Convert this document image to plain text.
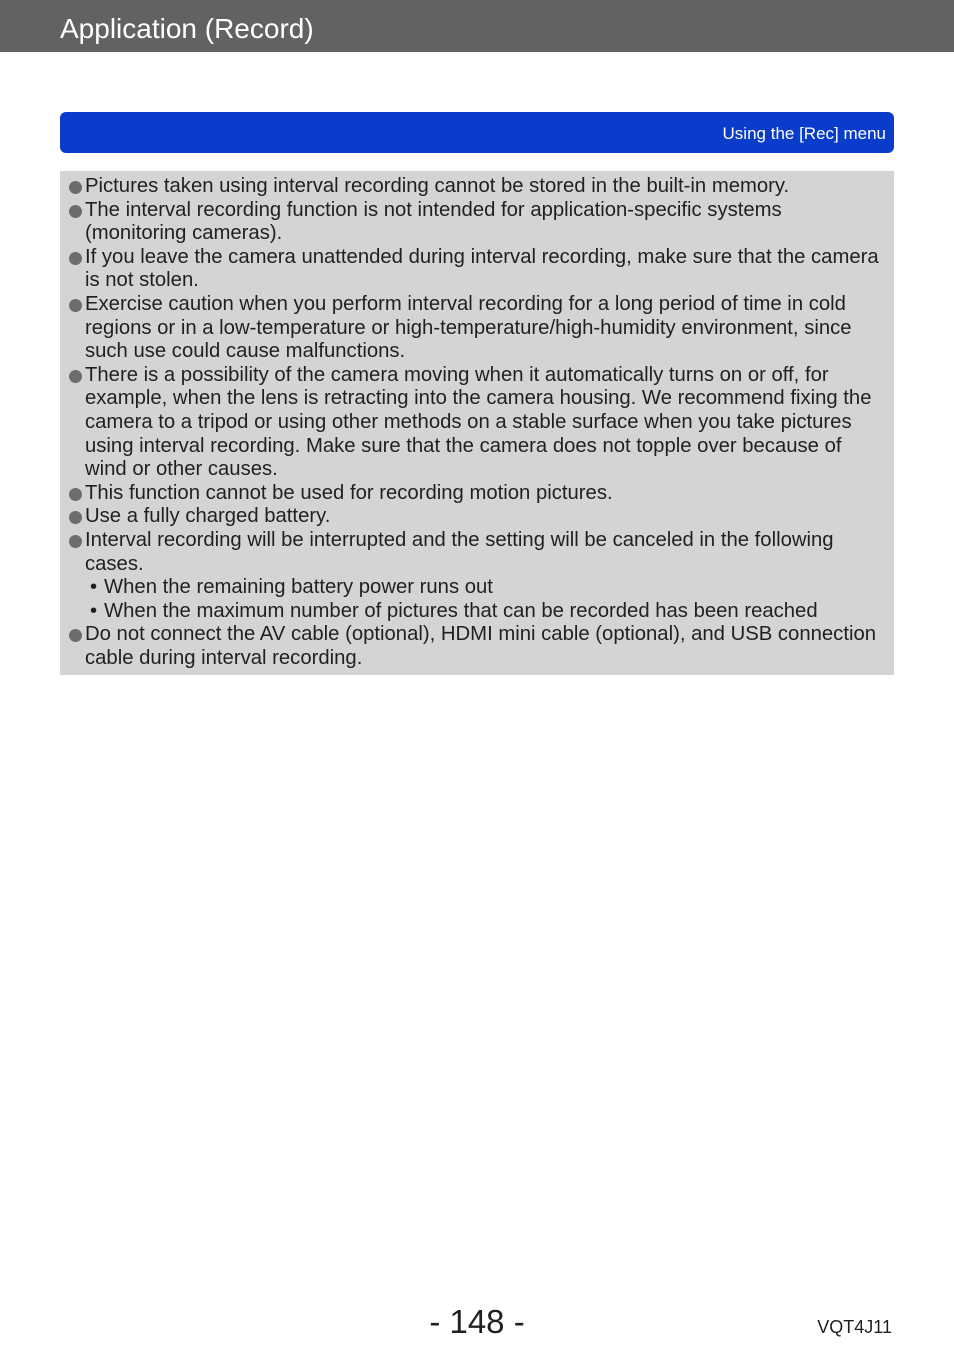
Application (Record)
Using the [Rec] menu
Pictures taken using interval recording cannot be stored in the built-in memory.
The interval recording function is not intended for application-specific systems (monitoring cameras).
If you leave the camera unattended during interval recording, make sure that the camera is not stolen.
Exercise caution when you perform interval recording for a long period of time in cold regions or in a low-temperature or high-temperature/high-humidity environment, since such use could cause malfunctions.
There is a possibility of the camera moving when it automatically turns on or off, for example, when the lens is retracting into the camera housing. We recommend fixing the camera to a tripod or using other methods on a stable surface when you take pictures using interval recording. Make sure that the camera does not topple over because of wind or other causes.
This function cannot be used for recording motion pictures.
Use a fully charged battery.
Interval recording will be interrupted and the setting will be canceled in the following cases.
• When the remaining battery power runs out
• When the maximum number of pictures that can be recorded has been reached
Do not connect the AV cable (optional), HDMI mini cable (optional), and USB connection cable during interval recording.
- 148 -	VQT4J11
